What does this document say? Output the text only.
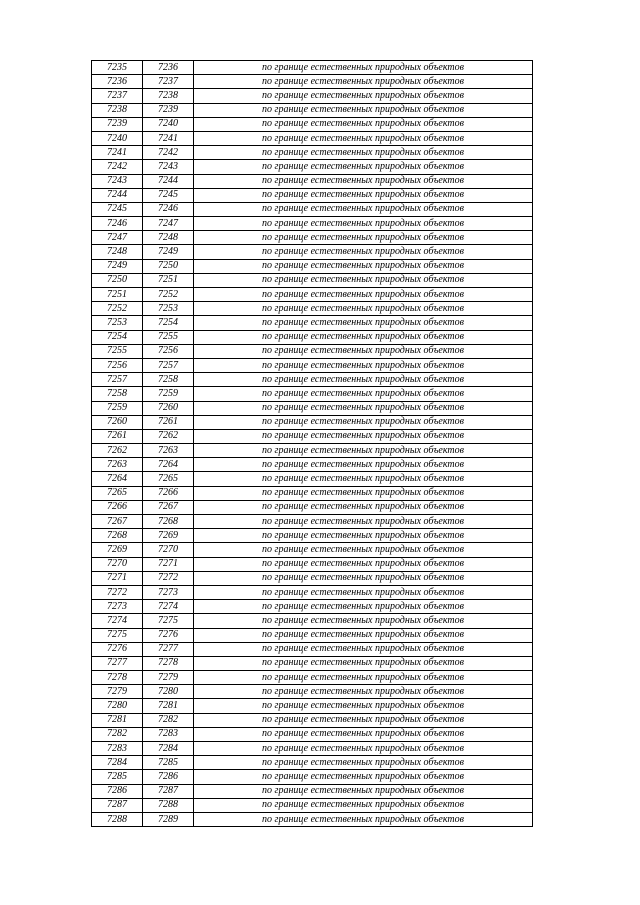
7235	7236	по границе естественных природных объектов
7236	7237	по границе естественных природных объектов
7237	7238	по границе естественных природных объектов
7238	7239	по границе естественных природных объектов
7239	7240	по границе естественных природных объектов
7240	7241	по границе естественных природных объектов
7241	7242	по границе естественных природных объектов
7242	7243	по границе естественных природных объектов
7243	7244	по границе естественных природных объектов
7244	7245	по границе естественных природных объектов
7245	7246	по границе естественных природных объектов
7246	7247	по границе естественных природных объектов
7247	7248	по границе естественных природных объектов
7248	7249	по границе естественных природных объектов
7249	7250	по границе естественных природных объектов
7250	7251	по границе естественных природных объектов
7251	7252	по границе естественных природных объектов
7252	7253	по границе естественных природных объектов
7253	7254	по границе естественных природных объектов
7254	7255	по границе естественных природных объектов
7255	7256	по границе естественных природных объектов
7256	7257	по границе естественных природных объектов
7257	7258	по границе естественных природных объектов
7258	7259	по границе естественных природных объектов
7259	7260	по границе естественных природных объектов
7260	7261	по границе естественных природных объектов
7261	7262	по границе естественных природных объектов
7262	7263	по границе естественных природных объектов
7263	7264	по границе естественных природных объектов
7264	7265	по границе естественных природных объектов
7265	7266	по границе естественных природных объектов
7266	7267	по границе естественных природных объектов
7267	7268	по границе естественных природных объектов
7268	7269	по границе естественных природных объектов
7269	7270	по границе естественных природных объектов
7270	7271	по границе естественных природных объектов
7271	7272	по границе естественных природных объектов
7272	7273	по границе естественных природных объектов
7273	7274	по границе естественных природных объектов
7274	7275	по границе естественных природных объектов
7275	7276	по границе естественных природных объектов
7276	7277	по границе естественных природных объектов
7277	7278	по границе естественных природных объектов
7278	7279	по границе естественных природных объектов
7279	7280	по границе естественных природных объектов
7280	7281	по границе естественных природных объектов
7281	7282	по границе естественных природных объектов
7282	7283	по границе естественных природных объектов
7283	7284	по границе естественных природных объектов
7284	7285	по границе естественных природных объектов
7285	7286	по границе естественных природных объектов
7286	7287	по границе естественных природных объектов
7287	7288	по границе естественных природных объектов
7288	7289	по границе естественных природных объектов
